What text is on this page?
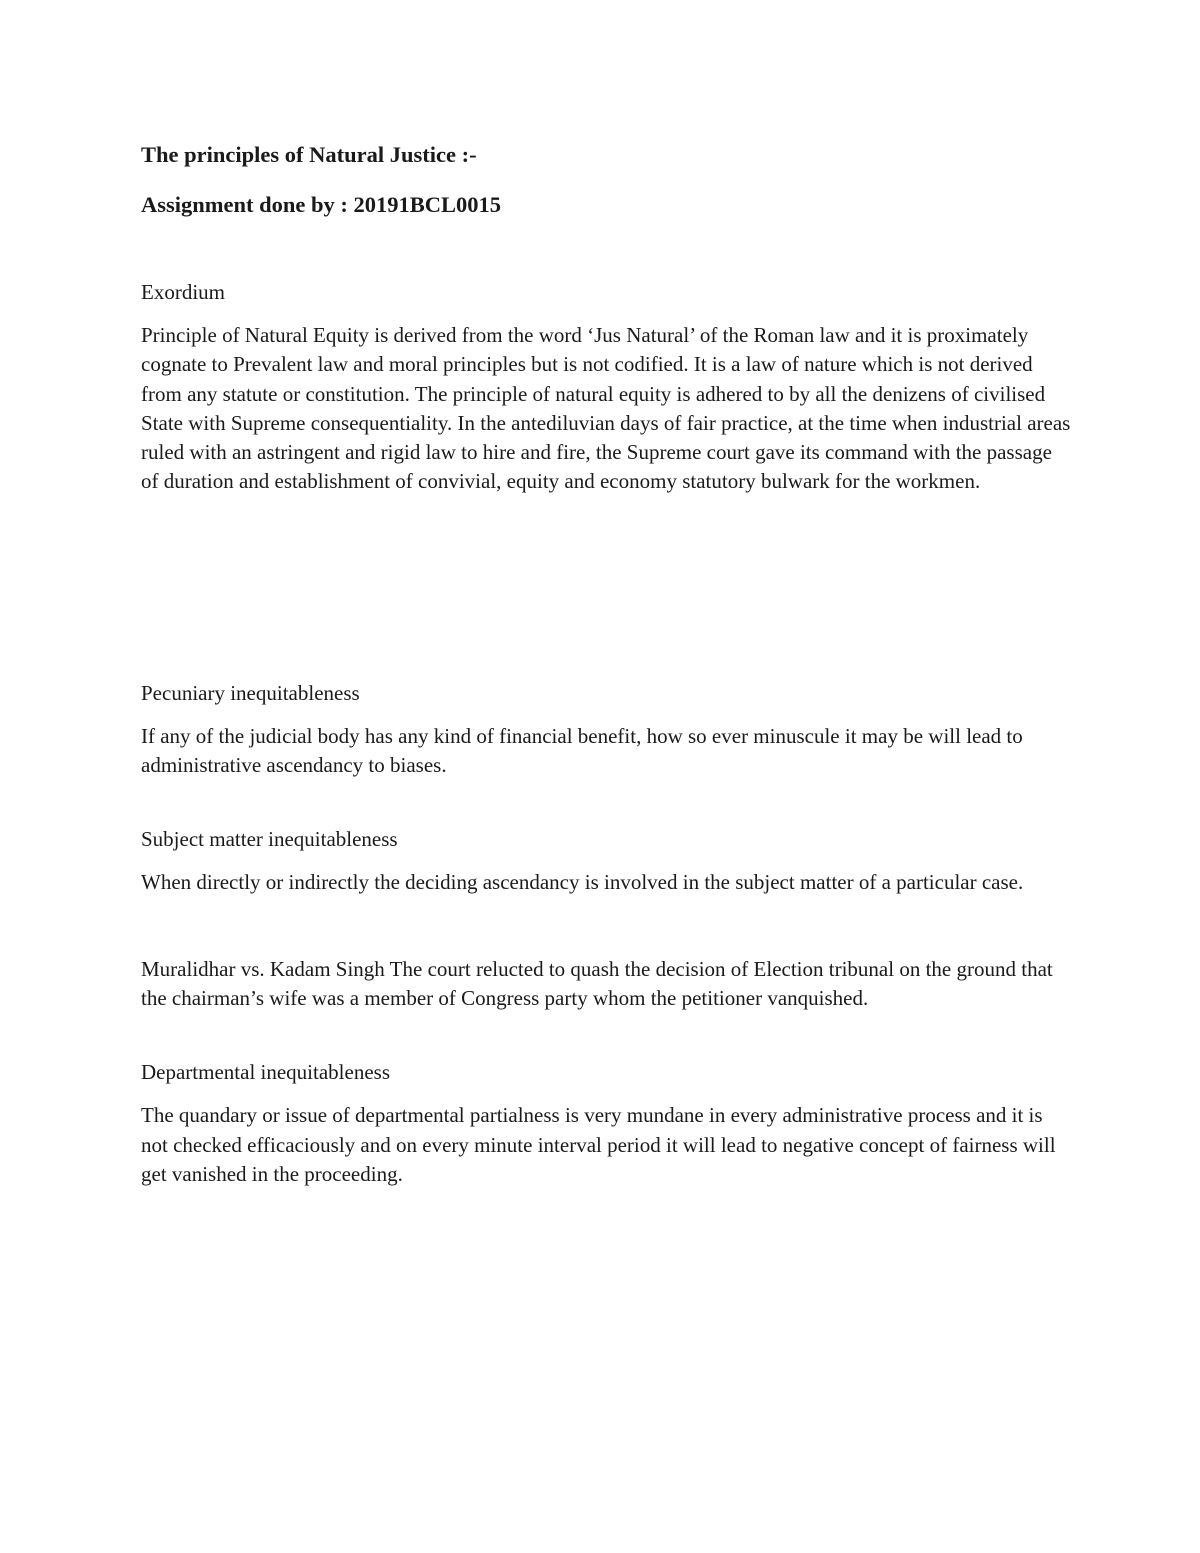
The principles of Natural Justice :-

Assignment done by : 20191BCL0015

Exordium

Principle of Natural Equity is derived from the word ‘Jus Natural’ of the Roman law and it is proximately cognate to Prevalent law and moral principles but is not codified. It is a law of nature which is not derived from any statute or constitution. The principle of natural equity is adhered to by all the denizens of civilised State with Supreme consequentiality. In the antediluvian days of fair practice, at the time when industrial areas ruled with an astringent and rigid law to hire and fire, the Supreme court gave its command with the passage of duration and establishment of convivial, equity and economy statutory bulwark for the workmen.

Pecuniary inequitableness

If any of the judicial body has any kind of financial benefit, how so ever minuscule it may be will lead to administrative ascendancy to biases.

Subject matter inequitableness

When directly or indirectly the deciding ascendancy is involved in the subject matter of a particular case.

Muralidhar vs. Kadam Singh The court relucted to quash the decision of Election tribunal on the ground that the chairman’s wife was a member of Congress party whom the petitioner vanquished.

Departmental inequitableness

The quandary or issue of departmental partialness is very mundane in every administrative process and it is not checked efficaciously and on every minute interval period it will lead to negative concept of fairness will get vanished in the proceeding.
